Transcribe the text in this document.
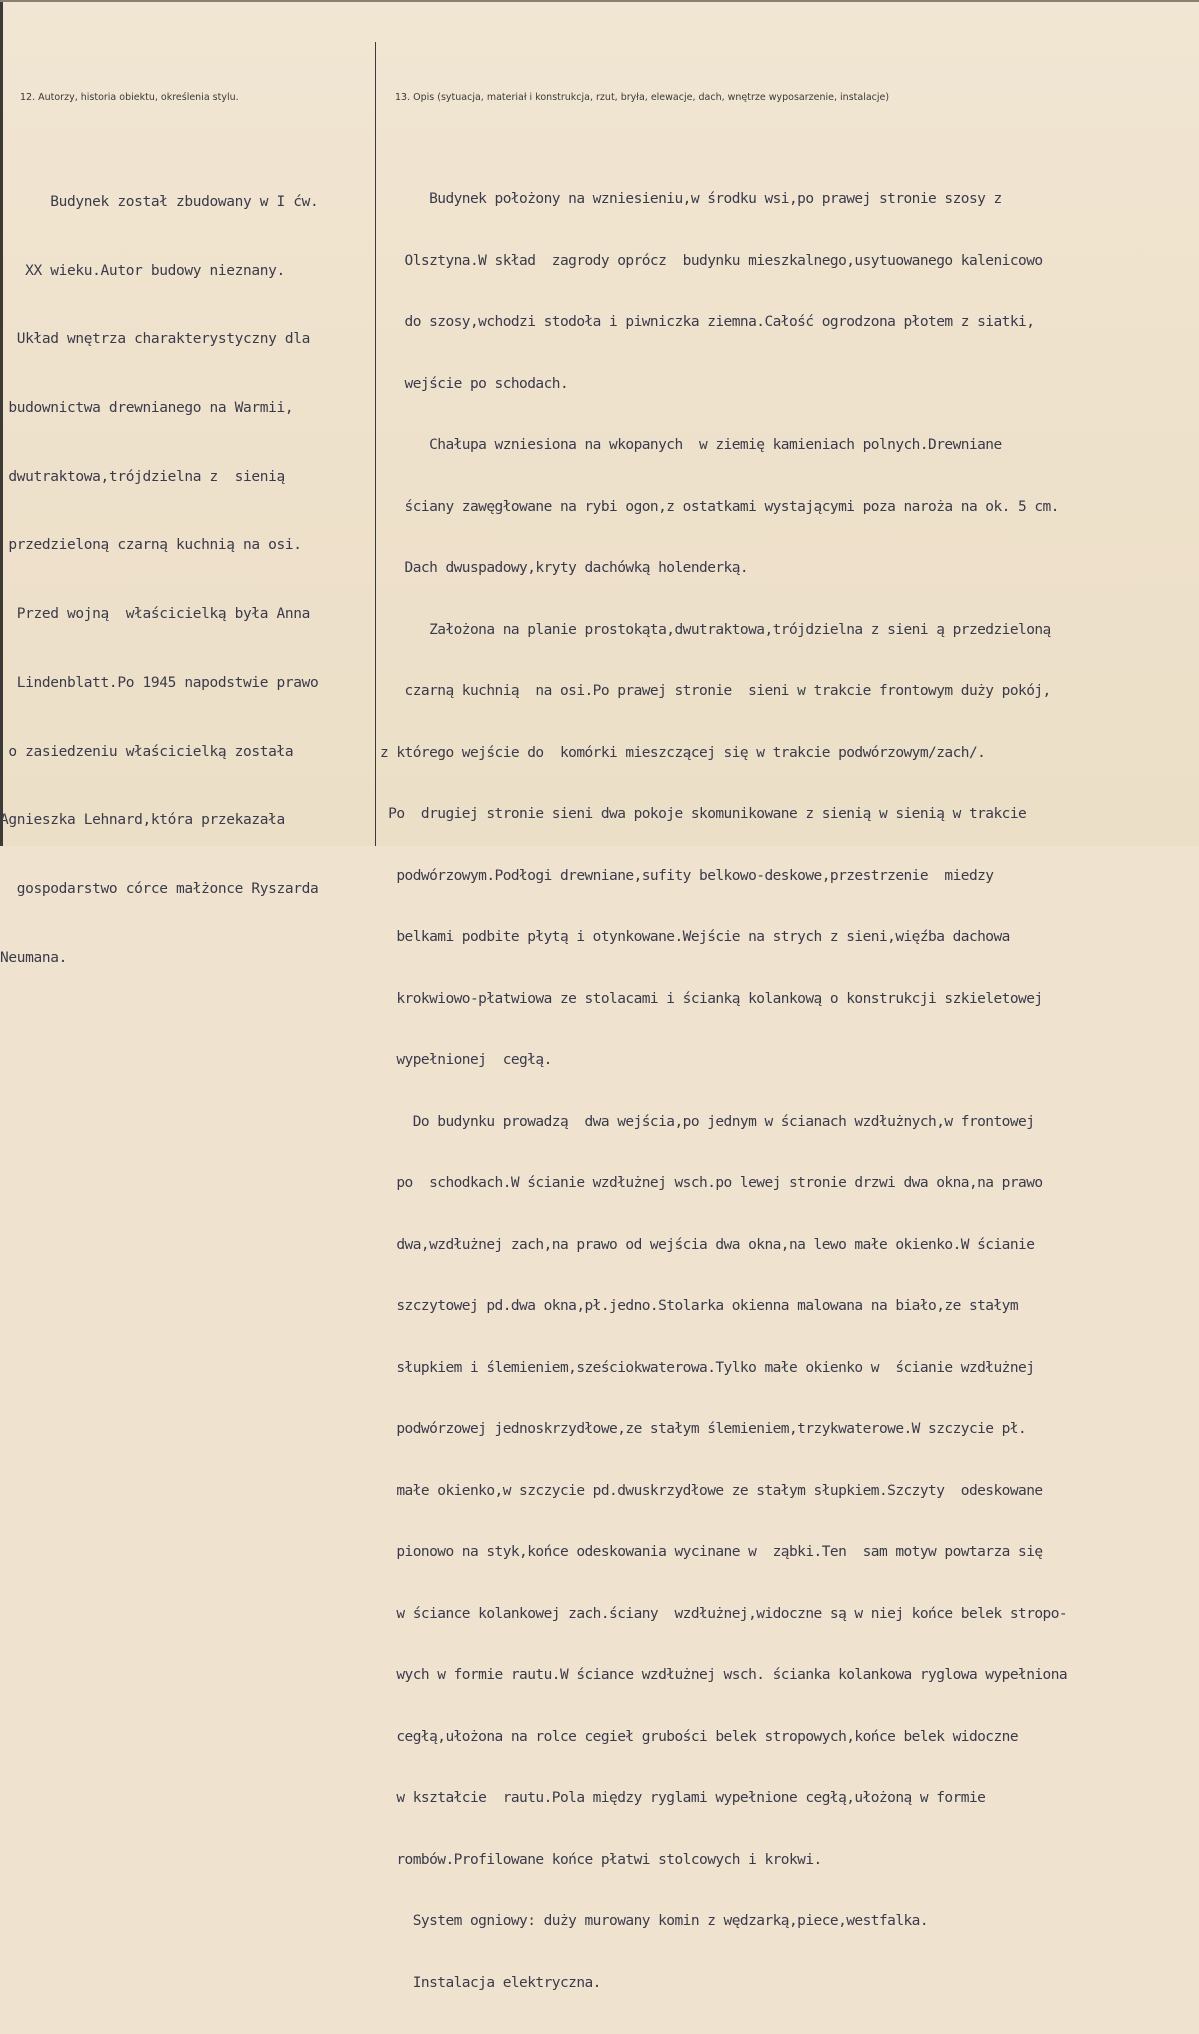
12. Autorzy, historia obiektu, określenia stylu.	13. Opis (sytuacja, materiał i konstrukcja, rzut, bryła, elewacje, dach, wnętrze wyposarzenie, instalacje)

Budynek został zbudowany w I ćw.

XX wieku.Autor budowy nieznany.

Układ wnętrza charakterystyczny dla

budownictwa drewnianego na Warmii,

dwutraktowa,trójdzielna z  sienią

przedzieloną czarną kuchnią na osi.

Przed wojną  właścicielką była Anna

Lindenblatt.Po 1945 napodstwie prawo

o zasiedzeniu właścicielką została

Agnieszka Lehnard,która przekazała

gospodarstwo córce małżonce Ryszarda

Neumana.

Budynek położony na wzniesieniu,w środku wsi,po prawej stronie szosy z

Olsztyna.W skład  zagrody oprócz  budynku mieszkalnego,usytuowanego kalenicowo

do szosy,wchodzi stodoła i piwniczka ziemna.Całość ogrodzona płotem z siatki,

wejście po schodach.

Chałupa wzniesiona na wkopanych  w ziemię kamieniach polnych.Drewniane

ściany zawęgłowane na rybi ogon,z ostatkami wystającymi poza naroża na ok. 5 cm.

Dach dwuspadowy,kryty dachówką holenderką.

Założona na planie prostokąta,dwutraktowa,trójdzielna z sieni ą przedzieloną

czarną kuchnią  na osi.Po prawej stronie  sieni w trakcie frontowym duży pokój,

z którego wejście do  komórki mieszczącej się w trakcie podwórzowym/zach/.

Po  drugiej stronie sieni dwa pokoje skomunikowane z sienią w sienią w trakcie

podwórzowym.Podłogi drewniane,sufity belkowo-deskowe,przestrzenie  miedzy

belkami podbite płytą i otynkowane.Wejście na strych z sieni,więźba dachowa

krokwiowo-płatwiowa ze stolacami i ścianką kolankową o konstrukcji szkieletowej

wypełnionej  cegłą.

Do budynku prowadzą  dwa wejścia,po jednym w ścianach wzdłużnych,w frontowej

po  schodkach.W ścianie wzdłużnej wsch.po lewej stronie drzwi dwa okna,na prawo

dwa,wzdłużnej zach,na prawo od wejścia dwa okna,na lewo małe okienko.W ścianie

szczytowej pd.dwa okna,pł.jedno.Stolarka okienna malowana na biało,ze stałym

słupkiem i ślemieniem,sześciokwaterowa.Tylko małe okienko w  ścianie wzdłużnej

podwórzowej jednoskrzydłowe,ze stałym ślemieniem,trzykwaterowe.W szczycie pł.

małe okienko,w szczycie pd.dwuskrzydłowe ze stałym słupkiem.Szczyty  odeskowane

pionowo na styk,końce odeskowania wycinane w  ząbki.Ten  sam motyw powtarza się

w ściance kolankowej zach.ściany  wzdłużnej,widoczne są w niej końce belek stropo-

wych w formie rautu.W ściance wzdłużnej wsch. ścianka kolankowa ryglowa wypełniona

cegłą,ułożona na rolce cegieł grubości belek stropowych,końce belek widoczne

w kształcie  rautu.Pola między ryglami wypełnione cegłą,ułożoną w formie

rombów.Profilowane końce płatwi stolcowych i krokwi.

System ogniowy: duży murowany komin z wędzarką,piece,westfalka.

Instalacja elektryczna.
